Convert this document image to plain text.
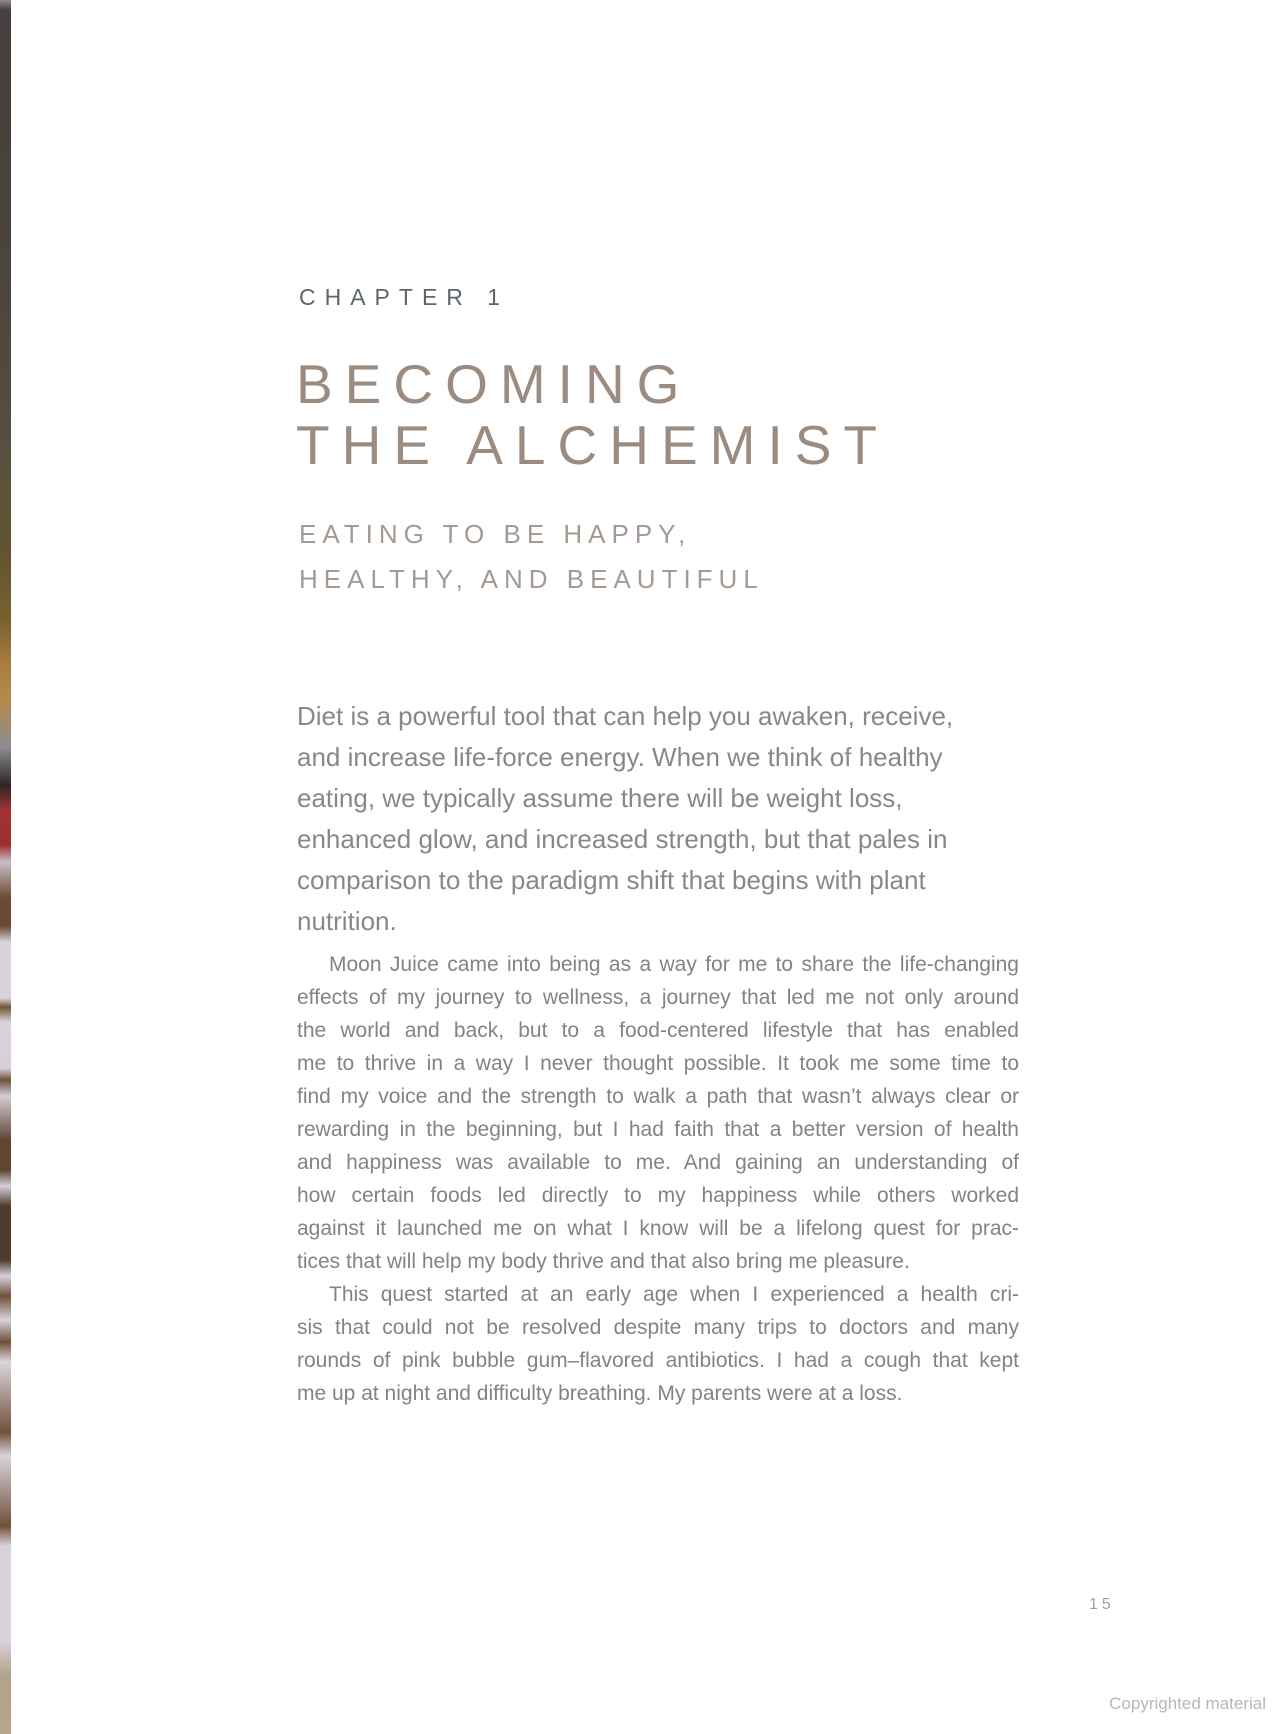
CHAPTER 1
BECOMING
THE ALCHEMIST
EATING TO BE HAPPY,
HEALTHY, AND BEAUTIFUL
Diet is a powerful tool that can help you awaken, receive,
and increase life-force energy. When we think of healthy
eating, we typically assume there will be weight loss,
enhanced glow, and increased strength, but that pales in
comparison to the paradigm shift that begins with plant
nutrition.
Moon Juice came into being as a way for me to share the life-changing
effects of my journey to wellness, a journey that led me not only around
the world and back, but to a food-centered lifestyle that has enabled
me to thrive in a way I never thought possible. It took me some time to
find my voice and the strength to walk a path that wasn’t always clear or
rewarding in the beginning, but I had faith that a better version of health
and happiness was available to me. And gaining an understanding of
how certain foods led directly to my happiness while others worked
against it launched me on what I know will be a lifelong quest for prac-
tices that will help my body thrive and that also bring me pleasure.
This quest started at an early age when I experienced a health cri-
sis that could not be resolved despite many trips to doctors and many
rounds of pink bubble gum–flavored antibiotics. I had a cough that kept
me up at night and difficulty breathing. My parents were at a loss.
15
Copyrighted material
